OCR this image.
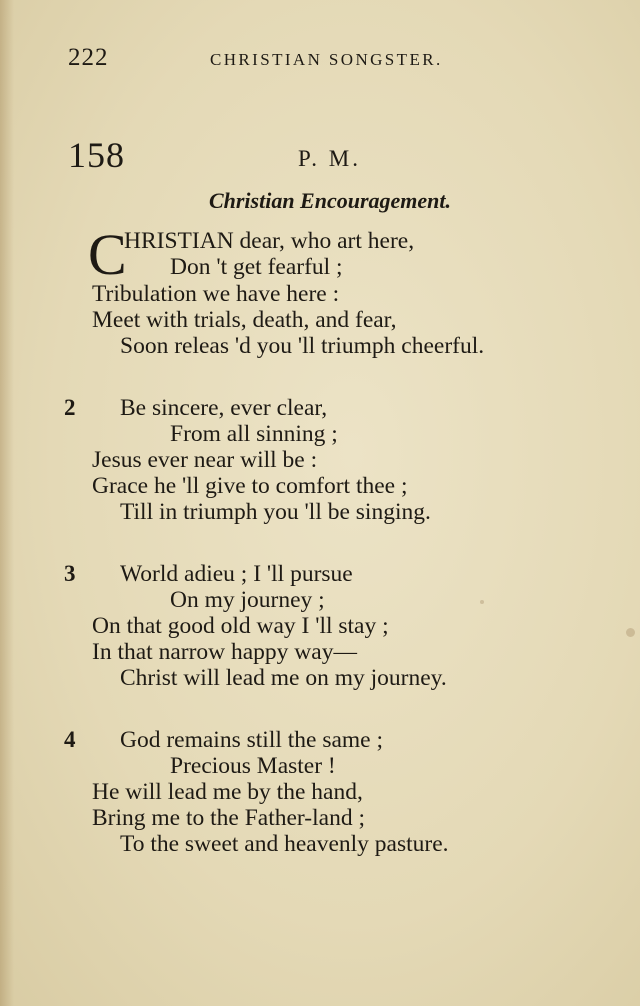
222	CHRISTIAN SONGSTER.
158	P. M.
Christian Encouragement.
C
HRISTIAN dear, who art here,
Don 't get fearful ;
Tribulation we have here :
Meet with trials, death, and fear,
Soon releas 'd you 'll triumph cheerful.
2 Be sincere, ever clear,
From all sinning ;
Jesus ever near will be :
Grace he 'll give to comfort thee ;
Till in triumph you 'll be singing.
3 World adieu ; I 'll pursue
On my journey ;
On that good old way I 'll stay ;
In that narrow happy way—
Christ will lead me on my journey.
4 God remains still the same ;
Precious Master !
He will lead me by the hand,
Bring me to the Father-land ;
To the sweet and heavenly pasture.
